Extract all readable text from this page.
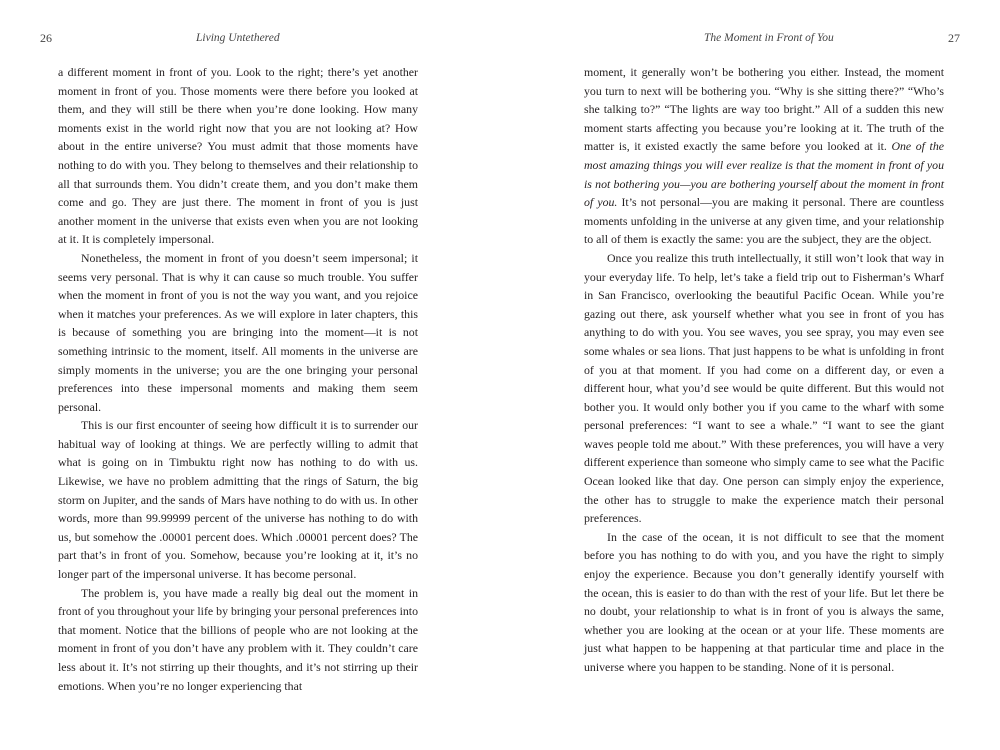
26	Living Untethered

a different moment in front of you. Look to the right; there’s yet another moment in front of you. Those moments were there before you looked at them, and they will still be there when you’re done looking. How many moments exist in the world right now that you are not looking at? How about in the entire universe? You must admit that those moments have nothing to do with you. They belong to themselves and their relationship to all that surrounds them. You didn’t create them, and you don’t make them come and go. They are just there. The moment in front of you is just another moment in the universe that exists even when you are not looking at it. It is completely impersonal.

Nonetheless, the moment in front of you doesn’t seem impersonal; it seems very personal. That is why it can cause so much trouble. You suffer when the moment in front of you is not the way you want, and you rejoice when it matches your preferences. As we will explore in later chapters, this is because of something you are bringing into the moment—it is not something intrinsic to the moment, itself. All moments in the universe are simply moments in the universe; you are the one bringing your personal preferences into these impersonal moments and making them seem personal.

This is our first encounter of seeing how difficult it is to surrender our habitual way of looking at things. We are perfectly willing to admit that what is going on in Timbuktu right now has nothing to do with us. Likewise, we have no problem admitting that the rings of Saturn, the big storm on Jupiter, and the sands of Mars have nothing to do with us. In other words, more than 99.99999 percent of the universe has nothing to do with us, but somehow the .00001 percent does. Which .00001 percent does? The part that’s in front of you. Somehow, because you’re looking at it, it’s no longer part of the impersonal universe. It has become personal.

The problem is, you have made a really big deal out the moment in front of you throughout your life by bringing your personal preferences into that moment. Notice that the billions of people who are not looking at the moment in front of you don’t have any problem with it. They couldn’t care less about it. It’s not stirring up their thoughts, and it’s not stirring up their emotions. When you’re no longer experiencing that

The Moment in Front of You	27

moment, it generally won’t be bothering you either. Instead, the moment you turn to next will be bothering you. “Why is she sitting there?” “Who’s she talking to?” “The lights are way too bright.” All of a sudden this new moment starts affecting you because you’re looking at it. The truth of the matter is, it existed exactly the same before you looked at it. One of the most amazing things you will ever realize is that the moment in front of you is not bothering you—you are bothering yourself about the moment in front of you. It’s not personal—you are making it personal. There are countless moments unfolding in the universe at any given time, and your relationship to all of them is exactly the same: you are the subject, they are the object.

Once you realize this truth intellectually, it still won’t look that way in your everyday life. To help, let’s take a field trip out to Fisherman’s Wharf in San Francisco, overlooking the beautiful Pacific Ocean. While you’re gazing out there, ask yourself whether what you see in front of you has anything to do with you. You see waves, you see spray, you may even see some whales or sea lions. That just happens to be what is unfolding in front of you at that moment. If you had come on a different day, or even a different hour, what you’d see would be quite different. But this would not bother you. It would only bother you if you came to the wharf with some personal preferences: “I want to see a whale.” “I want to see the giant waves people told me about.” With these preferences, you will have a very different experience than someone who simply came to see what the Pacific Ocean looked like that day. One person can simply enjoy the experience, the other has to struggle to make the experience match their personal preferences.

In the case of the ocean, it is not difficult to see that the moment before you has nothing to do with you, and you have the right to simply enjoy the experience. Because you don’t generally identify yourself with the ocean, this is easier to do than with the rest of your life. But let there be no doubt, your relationship to what is in front of you is always the same, whether you are looking at the ocean or at your life. These moments are just what happen to be happening at that particular time and place in the universe where you happen to be standing. None of it is personal.
